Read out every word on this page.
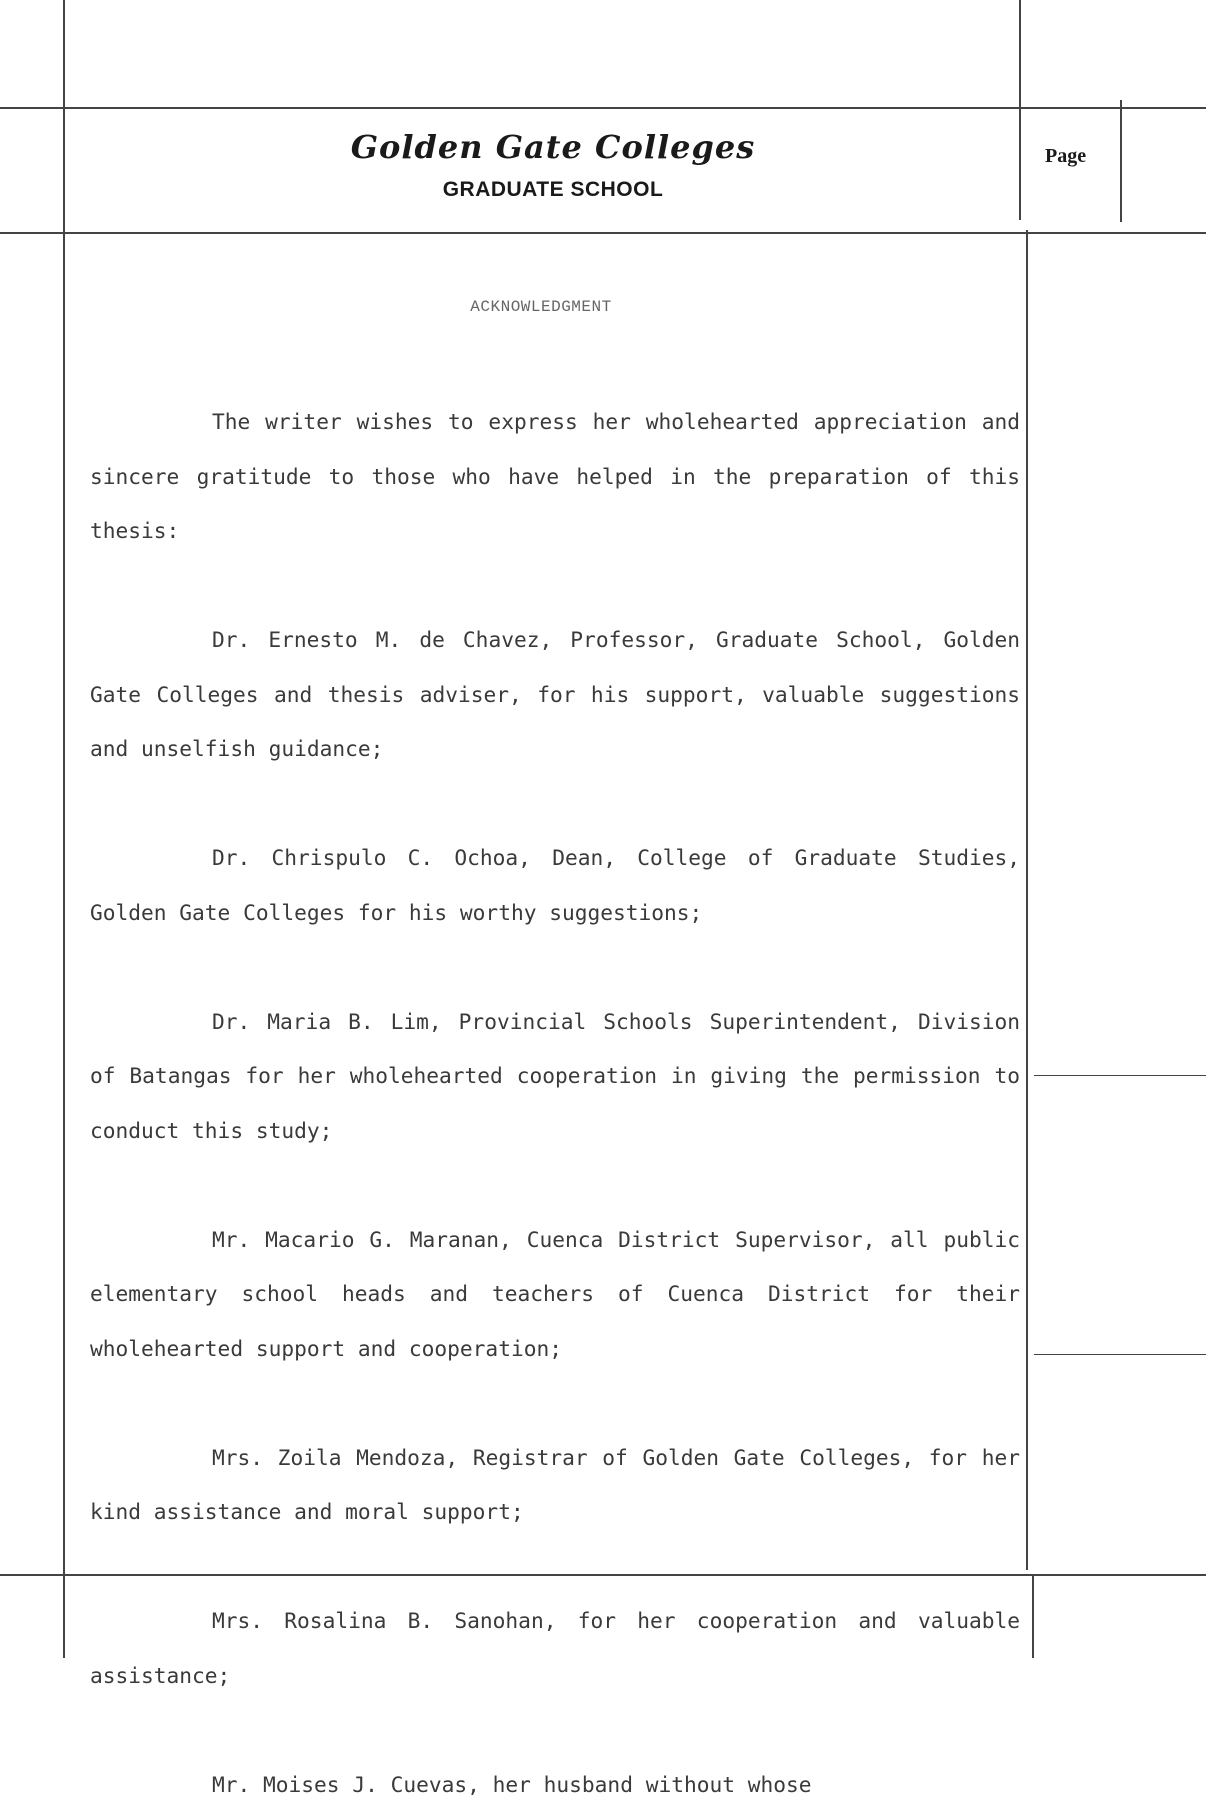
Golden Gate Colleges
GRADUATE SCHOOL
Page
ACKNOWLEDGMENT

The writer wishes to express her wholehearted appreciation and sincere gratitude to those who have helped in the preparation of this thesis:

Dr. Ernesto M. de Chavez, Professor, Graduate School, Golden Gate Colleges and thesis adviser, for his support, valuable suggestions and unselfish guidance;

Dr. Chrispulo C. Ochoa, Dean, College of Graduate Studies, Golden Gate Colleges for his worthy suggestions;

Dr. Maria B. Lim, Provincial Schools Superintendent, Division of Batangas for her wholehearted cooperation in giving the permission to conduct this study;

Mr. Macario G. Maranan, Cuenca District Supervisor, all public elementary school heads and teachers of Cuenca District for their wholehearted support and cooperation;

Mrs. Zoila Mendoza, Registrar of Golden Gate Colleges, for her kind assistance and moral support;

Mrs. Rosalina B. Sanohan, for her cooperation and valuable assistance;

Mr. Moises J. Cuevas, her husband without whose
